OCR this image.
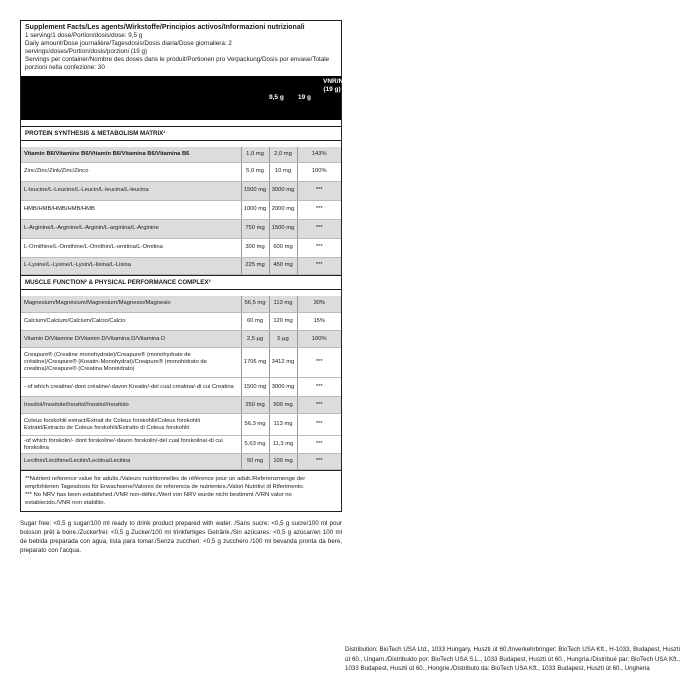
Supplement Facts/Les agents/Wirkstoffe/Principios activos/Informazioni nutrizionali
1 serving/1 dose/Portion/dosis/dose: 9,5 g
Daily amount/Dose journalière/Tagesdosis/Dosis diaria/Dose giornaliera: 2 servings/doses/Portion/dosis/porzioni (19 g)
Servings per container/Nombre des doses dans le produit/Portionen pro Verpackung/Dosis por envase/Totale porzioni nella confezione: 30
9,5 g 19 g
VNR/NRV/VRN/RWS**(19 g)
PROTEIN SYNTHESIS & METABOLISM MATRIX¹
Vitamin B6/Vitamine B6/Vitamin B6/Vitamina B6/Vitamina B6	1,0 mg	2,0 mg	143%
Zinc/Zinc/Zink/Zinc/Zinco	5,0 mg	10 mg	100%
L-leucine/L-Leucine/L-Leucin/L-leucina/L-leucina	1500 mg	3000 mg	***
HMB/HMB/HMB/HMB/HMB	1000 mg	2000 mg	***
L-Arginine/L-Arginine/L-Arginin/L-arginina/L-Arginine	750 mg	1500 mg	***
L-Ornithine/L-Ornithine/L-Ornithin/L-ornitina/L-Ornitina	300 mg	600 mg	***
L-Lysine/L-Lysine/L-Lysin/L-lisina/L-Lisina	225 mg	450 mg	***
MUSCLE FUNCTION² & PHYSICAL PERFORMANCE COMPLEX³
Magnesium/Magnésium/Magnesium/Magnesio/Magnesio	56,5 mg	113 mg	30%
Calcium/Calcium/Calcium/Calcio/Calcio	60 mg	120 mg	15%
Vitamin D/Vitamine D/Vitamin D/Vitamina D/Vitamina D	2,5 µg	5 µg	100%
Creapure® (Creatine monohydrate)/Creapure® (monohydrate de créatine)/Creapure® (Kreatin-Monohydrat)/Creapure® (monohidrato de creatina)/Creapure® (Creatina Monoidrato)	1706 mg	3412 mg	***
- of which creatine/-dont créatine/-davon Kreatin/-del cual creatina/-di cui Creatina	1500 mg	3000 mg	***
Inositol/Inositole/Inositol/Inositol/Inositolo	250 mg	500 mg	***
Coleus forskohlii extract/Extrait de Coleus forskohlii/Coleus forskohlii Extrakt/Extracto de Coleus forskohlii/Estratto di Coleus forskohlii	56,3 mg	113 mg	***
-of which forskolin/- dont forskoline/-davon forskolin/-del cual forskolina/-di cui forskolina	5,63 mg	11,3 mg	***
Lecithin/Lécithine/Lecitin/Lecitina/Lecitina	50 mg	100 mg	***
**Nutrient reference value for adults./Valeurs nutritionnelles de référence pour un adult./Referenzmenge der empfohlenen Tagesdosis für Erwachsene/Valores de referencia de nutrientes./Valori Nutritivi di Riferimento.
*** No NRV has been established./VNR non-défini./Wert von NRV wurde nicht bestimmt /VRN valor no establecido./VNR non stabilito.
Sugar free: <0,5 g sugar/100 ml ready to drink product prepared with water. /Sans sucre: <0,5 g sucre/100 ml pour boisson prêt à boire./Zuckerfrei: <0,5 g Zucker/100 ml trinkfertiges Getränk./Sin azúcares: <0,5 g azúcar/en 100 ml de bebida preparada con agua, lista para tomar./Senza zuccheri: <0,5 g zucchero /100 ml bevanda pronta da bere, preparato con l'acqua.
Distribution: BioTech USA Ltd., 1033 Hungary, Huszti út 60./Inverkehrbringer: BioTech USA Kft., H-1033, Budapest, Huszti út 60., Ungarn./Distribuido por: BioTech USA S.L., 1033 Budapest, Huszti út 60., Hungría./Distribué par: BioTech USA Kft., 1033 Budapest, Huszti út 60., Hongrie./Distributo da: BioTech USA Kft., 1033 Budapest, Huszti út 60., Ungheria
